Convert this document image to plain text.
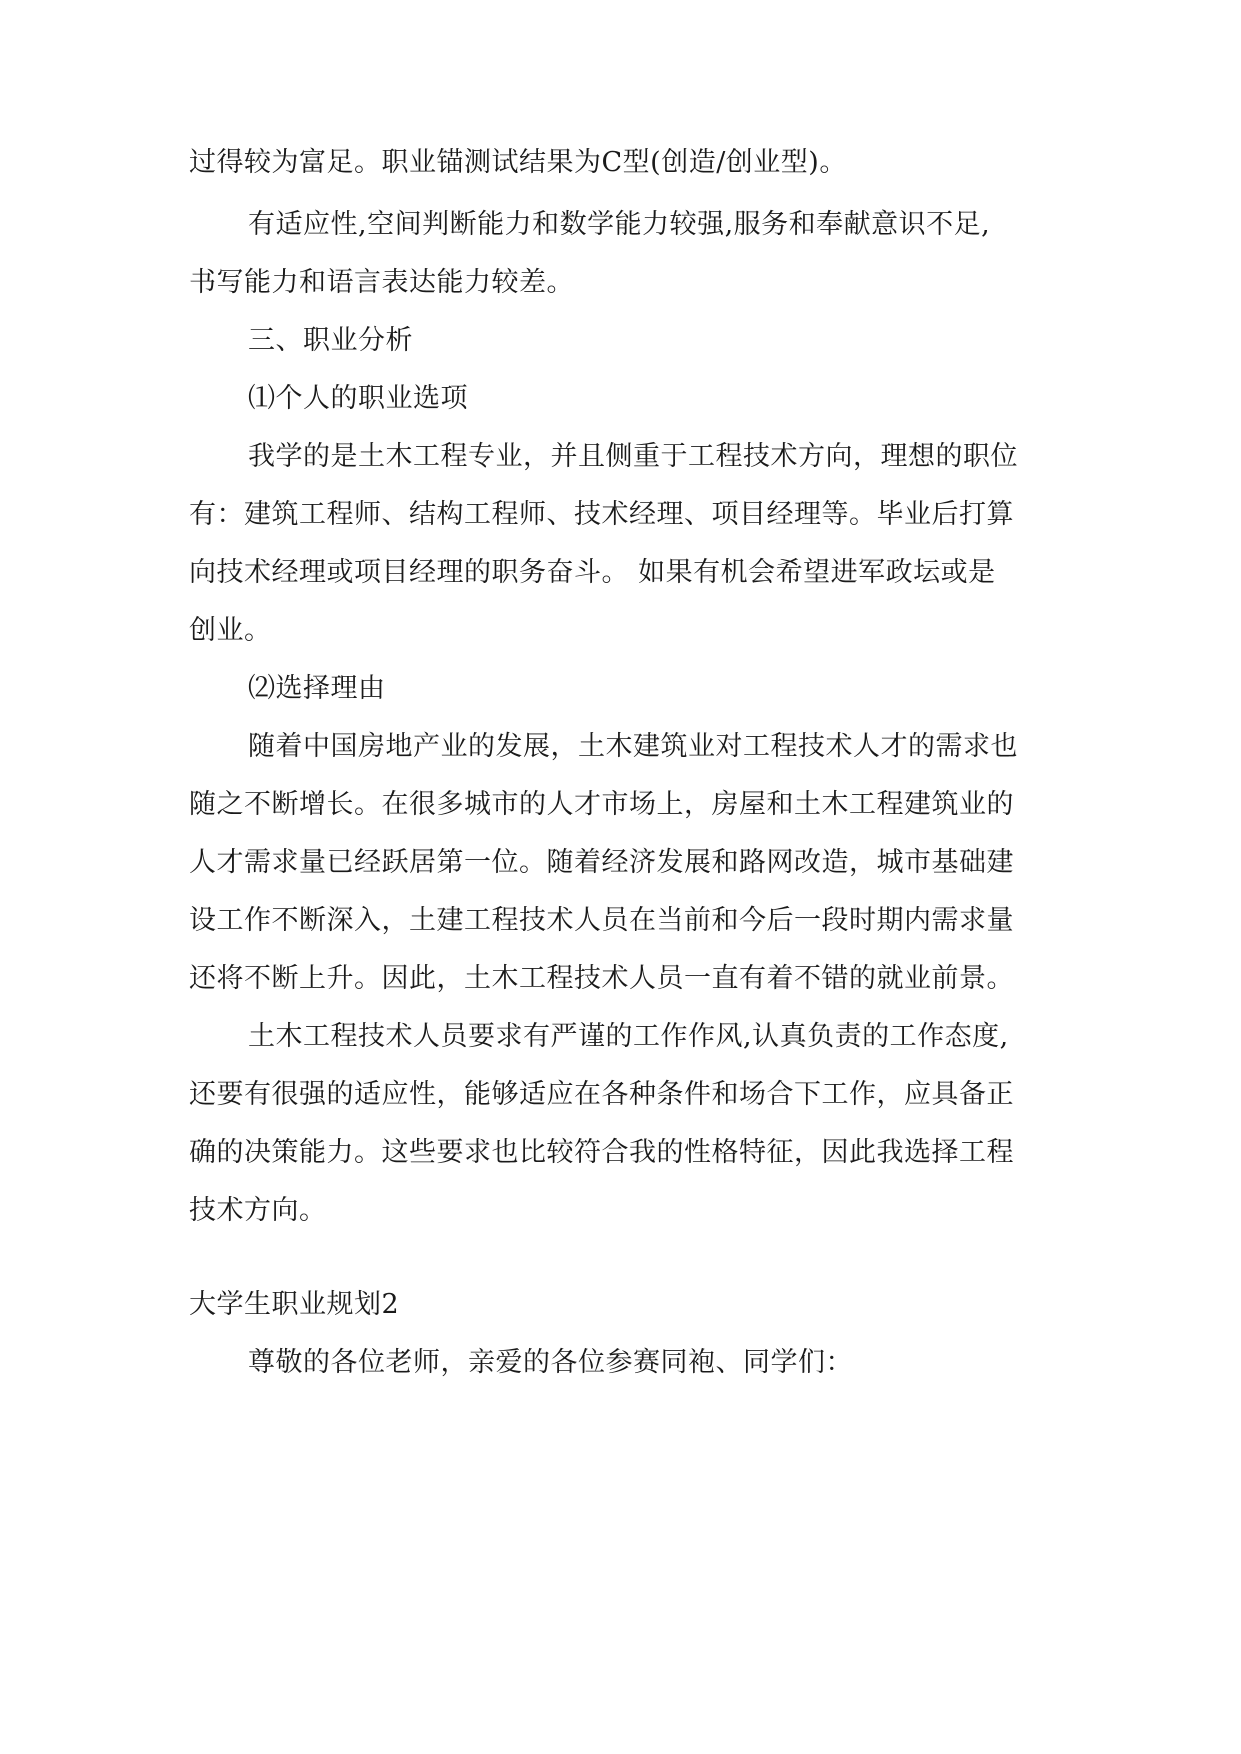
过得较为富足。职业锚测试结果为C型(创造/创业型)。
有适应性,空间判断能力和数学能力较强,服务和奉献意识不足,
书写能力和语言表达能力较差。
三、职业分析
⑴个人的职业选项
我学的是土木工程专业，并且侧重于工程技术方向，理想的职位
有：建筑工程师、结构工程师、技术经理、项目经理等。毕业后打算
向技术经理或项目经理的职务奋斗。 如果有机会希望进军政坛或是
创业。
⑵选择理由
随着中国房地产业的发展，土木建筑业对工程技术人才的需求也
随之不断增长。在很多城市的人才市场上，房屋和土木工程建筑业的
人才需求量已经跃居第一位。随着经济发展和路网改造，城市基础建
设工作不断深入，土建工程技术人员在当前和今后一段时期内需求量
还将不断上升。因此，土木工程技术人员一直有着不错的就业前景。
土木工程技术人员要求有严谨的工作作风,认真负责的工作态度,
还要有很强的适应性，能够适应在各种条件和场合下工作，应具备正
确的决策能力。这些要求也比较符合我的性格特征，因此我选择工程
技术方向。
大学生职业规划2
尊敬的各位老师，亲爱的各位参赛同袍、同学们：
